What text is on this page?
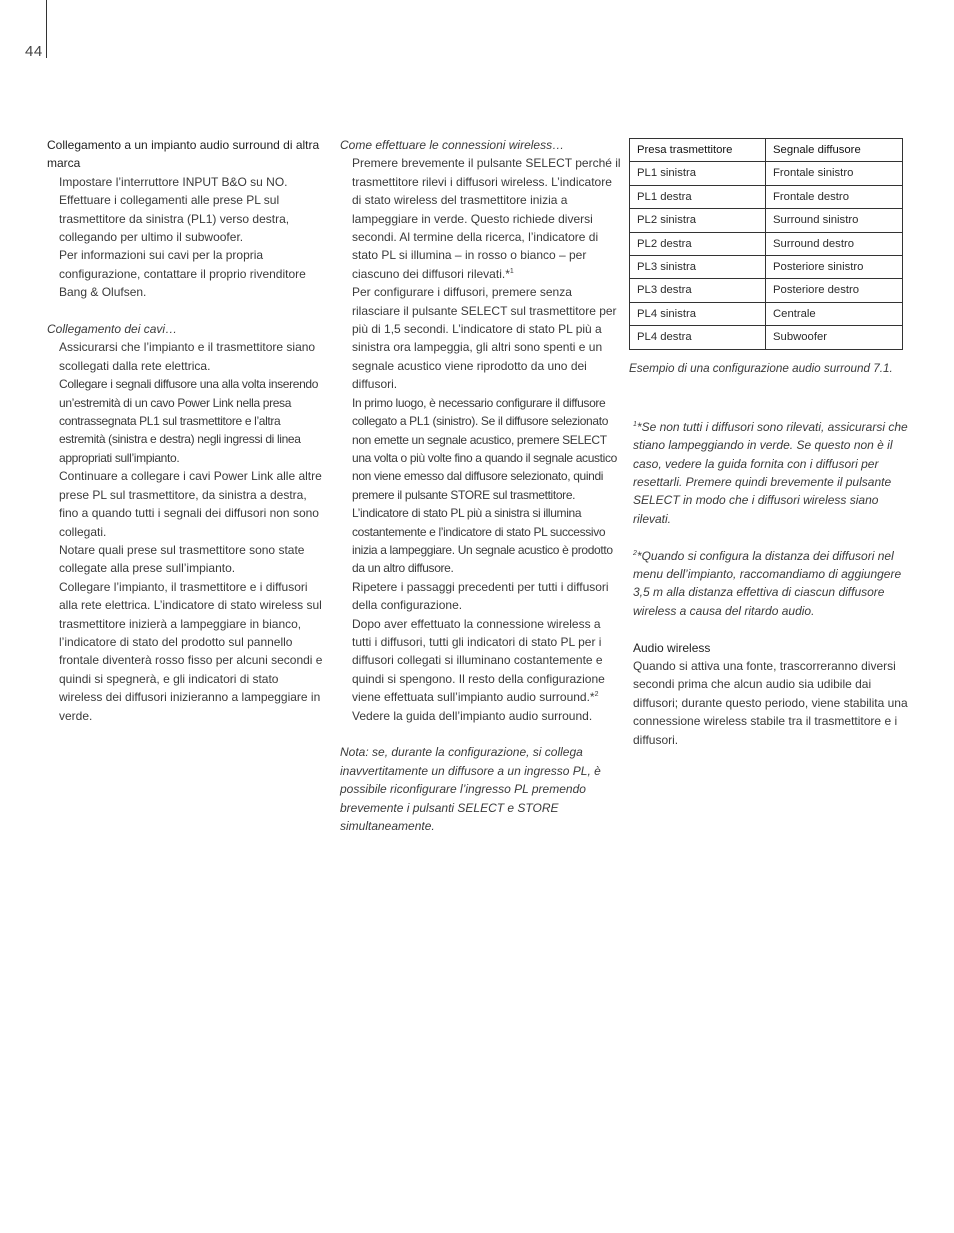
44

Collegamento a un impianto audio surround di altra marca

Impostare l’interruttore INPUT B&O su NO.
Effettuare i collegamenti alle prese PL sul trasmettitore da sinistra (PL1) verso destra, collegando per ultimo il subwoofer.
Per informazioni sui cavi per la propria configurazione, contattare il proprio rivenditore Bang & Olufsen.

Collegamento dei cavi…

Assicurarsi che l’impianto e il trasmettitore siano scollegati dalla rete elettrica.
Collegare i segnali diffusore una alla volta inserendo un’estremità di un cavo Power Link nella presa contrassegnata PL1 sul trasmettitore e l’altra estremità (sinistra e destra) negli ingressi di linea appropriati sull’impianto.
Continuare a collegare i cavi Power Link alle altre prese PL sul trasmettitore, da sinistra a destra, fino a quando tutti i segnali dei diffusori non sono collegati.
Notare quali prese sul trasmettitore sono state collegate alla prese sull’impianto.
Collegare l’impianto, il trasmettitore e i diffusori alla rete elettrica. L’indicatore di stato wireless sul trasmettitore inizierà a lampeggiare in bianco, l’indicatore di stato del prodotto sul pannello frontale diventerà rosso fisso per alcuni secondi e quindi si spegnerà, e gli indicatori di stato wireless dei diffusori inizieranno a lampeggiare in verde.

Come effettuare le connessioni wireless…

Premere brevemente il pulsante SELECT perché il trasmettitore rilevi i diffusori wireless. L’indicatore di stato wireless del trasmettitore inizia a lampeggiare in verde. Questo richiede diversi secondi. Al termine della ricerca, l’indicatore di stato PL si illumina – in rosso o bianco – per ciascuno dei diffusori rilevati.*$^1$
Per configurare i diffusori, premere senza rilasciare il pulsante SELECT sul trasmettitore per più di 1,5 secondi. L’indicatore di stato PL più a sinistra ora lampeggia, gli altri sono spenti e un segnale acustico viene riprodotto da uno dei diffusori.
In primo luogo, è necessario configurare il diffusore collegato a PL1 (sinistro). Se il diffusore selezionato non emette un segnale acustico, premere SELECT una volta o più volte fino a quando il segnale acustico non viene emesso dal diffusore selezionato, quindi premere il pulsante STORE sul trasmettitore. L’indicatore di stato PL più a sinistra si illumina costantemente e l’indicatore di stato PL successivo inizia a lampeggiare. Un segnale acustico è prodotto da un altro diffusore.
Ripetere i passaggi precedenti per tutti i diffusori della configurazione.
Dopo aver effettuato la connessione wireless a tutti i diffusori, tutti gli indicatori di stato PL per i diffusori collegati si illuminano costantemente e quindi si spengono. Il resto della configurazione viene effettuata sull’impianto audio surround.*$^2$
Vedere la guida dell’impianto audio surround.

Nota: se, durante la configurazione, si collega inavvertitamente un diffusore a un ingresso PL, è possibile riconfigurare l’ingresso PL premendo brevemente i pulsanti SELECT e STORE simultaneamente.

Presa trasmettitore	Segnale diffusore
PL1 sinistra	Frontale sinistro
PL1 destra	Frontale destro
PL2 sinistra	Surround sinistro
PL2 destra	Surround destro
PL3 sinistra	Posteriore sinistro
PL3 destra	Posteriore destro
PL4 sinistra	Centrale
PL4 destra	Subwoofer

Esempio di una configurazione audio surround 7.1.

$^1$*Se non tutti i diffusori sono rilevati, assicurarsi che stiano lampeggiando in verde. Se questo non è il caso, vedere la guida fornita con i diffusori per resettarli. Premere quindi brevemente il pulsante SELECT in modo che i diffusori wireless siano rilevati.

$^2$*Quando si configura la distanza dei diffusori nel menu dell’impianto, raccomandiamo di aggiungere 3,5 m alla distanza effettiva di ciascun diffusore wireless a causa del ritardo audio.

Audio wireless

Quando si attiva una fonte, trascorreranno diversi secondi prima che alcun audio sia udibile dai diffusori; durante questo periodo, viene stabilita una connessione wireless stabile tra il trasmettitore e i diffusori.
